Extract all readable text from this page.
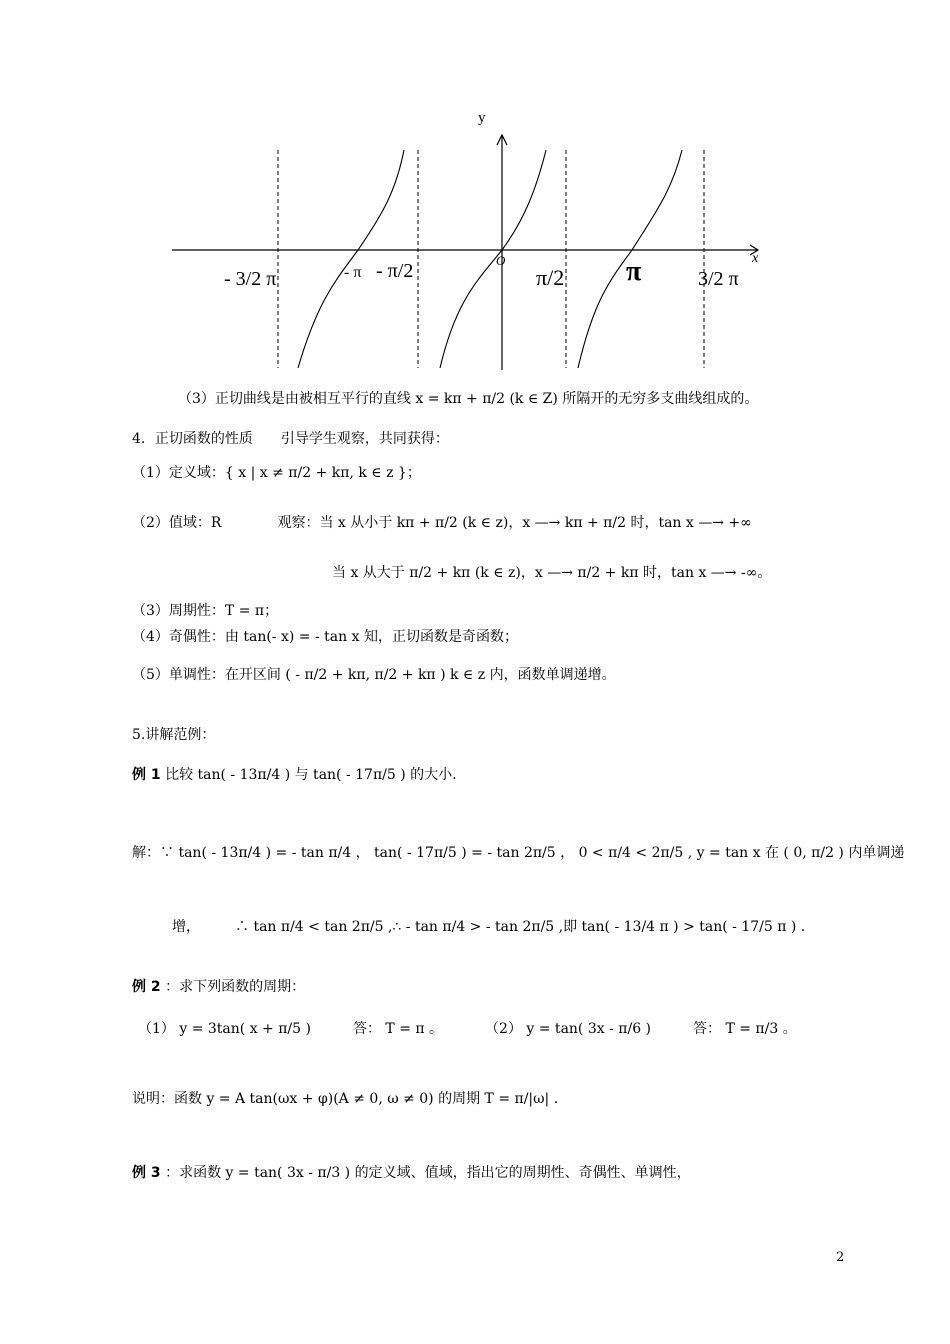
y
x
O
- 3/2 π	- π - π/2	π/2 π	3/2 π
（3）正切曲线是由被相互平行的直线 x = kπ + π/2 (k ∈ Z) 所隔开的无穷多支曲线组成的。
4．正切函数的性质　　引导学生观察，共同获得：
（1）定义域：{ x | x ≠ π/2 + kπ, k ∈ z }；
（2）值域：R　　　　观察：当 x 从小于 kπ + π/2 (k ∈ z)，x —→ kπ + π/2 时，tan x —→ +∞
当 x 从大于 π/2 + kπ (k ∈ z)，x —→ π/2 + kπ 时，tan x —→ -∞。
（3）周期性：T = π；
（4）奇偶性：由 tan(- x) = - tan x 知，正切函数是奇函数；
（5）单调性：在开区间 ( - π/2 + kπ, π/2 + kπ ) k ∈ z 内，函数单调递增。
5.讲解范例：
例 1 比较 tan( - 13π/4 ) 与 tan( - 17π/5 ) 的大小.
解：∵ tan( - 13π/4 ) = - tan π/4 ， tan( - 17π/5 ) = - tan 2π/5 ， 0 < π/4 < 2π/5 , y = tan x 在 ( 0, π/2 ) 内单调递
增，　　　∴ tan π/4 < tan 2π/5 ,∴ - tan π/4 > - tan 2π/5 ,即 tan( - 13/4 π ) > tan( - 17/5 π ) .
例 2 ：求下列函数的周期：
（1） y = 3tan( x + π/5 )　　　答： T = π 。　　　　（2） y = tan( 3x - π/6 )　　　答： T = π/3 。
说明：函数 y = A tan(ωx + φ)(A ≠ 0, ω ≠ 0) 的周期 T = π/|ω| .
例 3 ：求函数 y = tan( 3x - π/3 ) 的定义域、值域，指出它的周期性、奇偶性、单调性，
2
